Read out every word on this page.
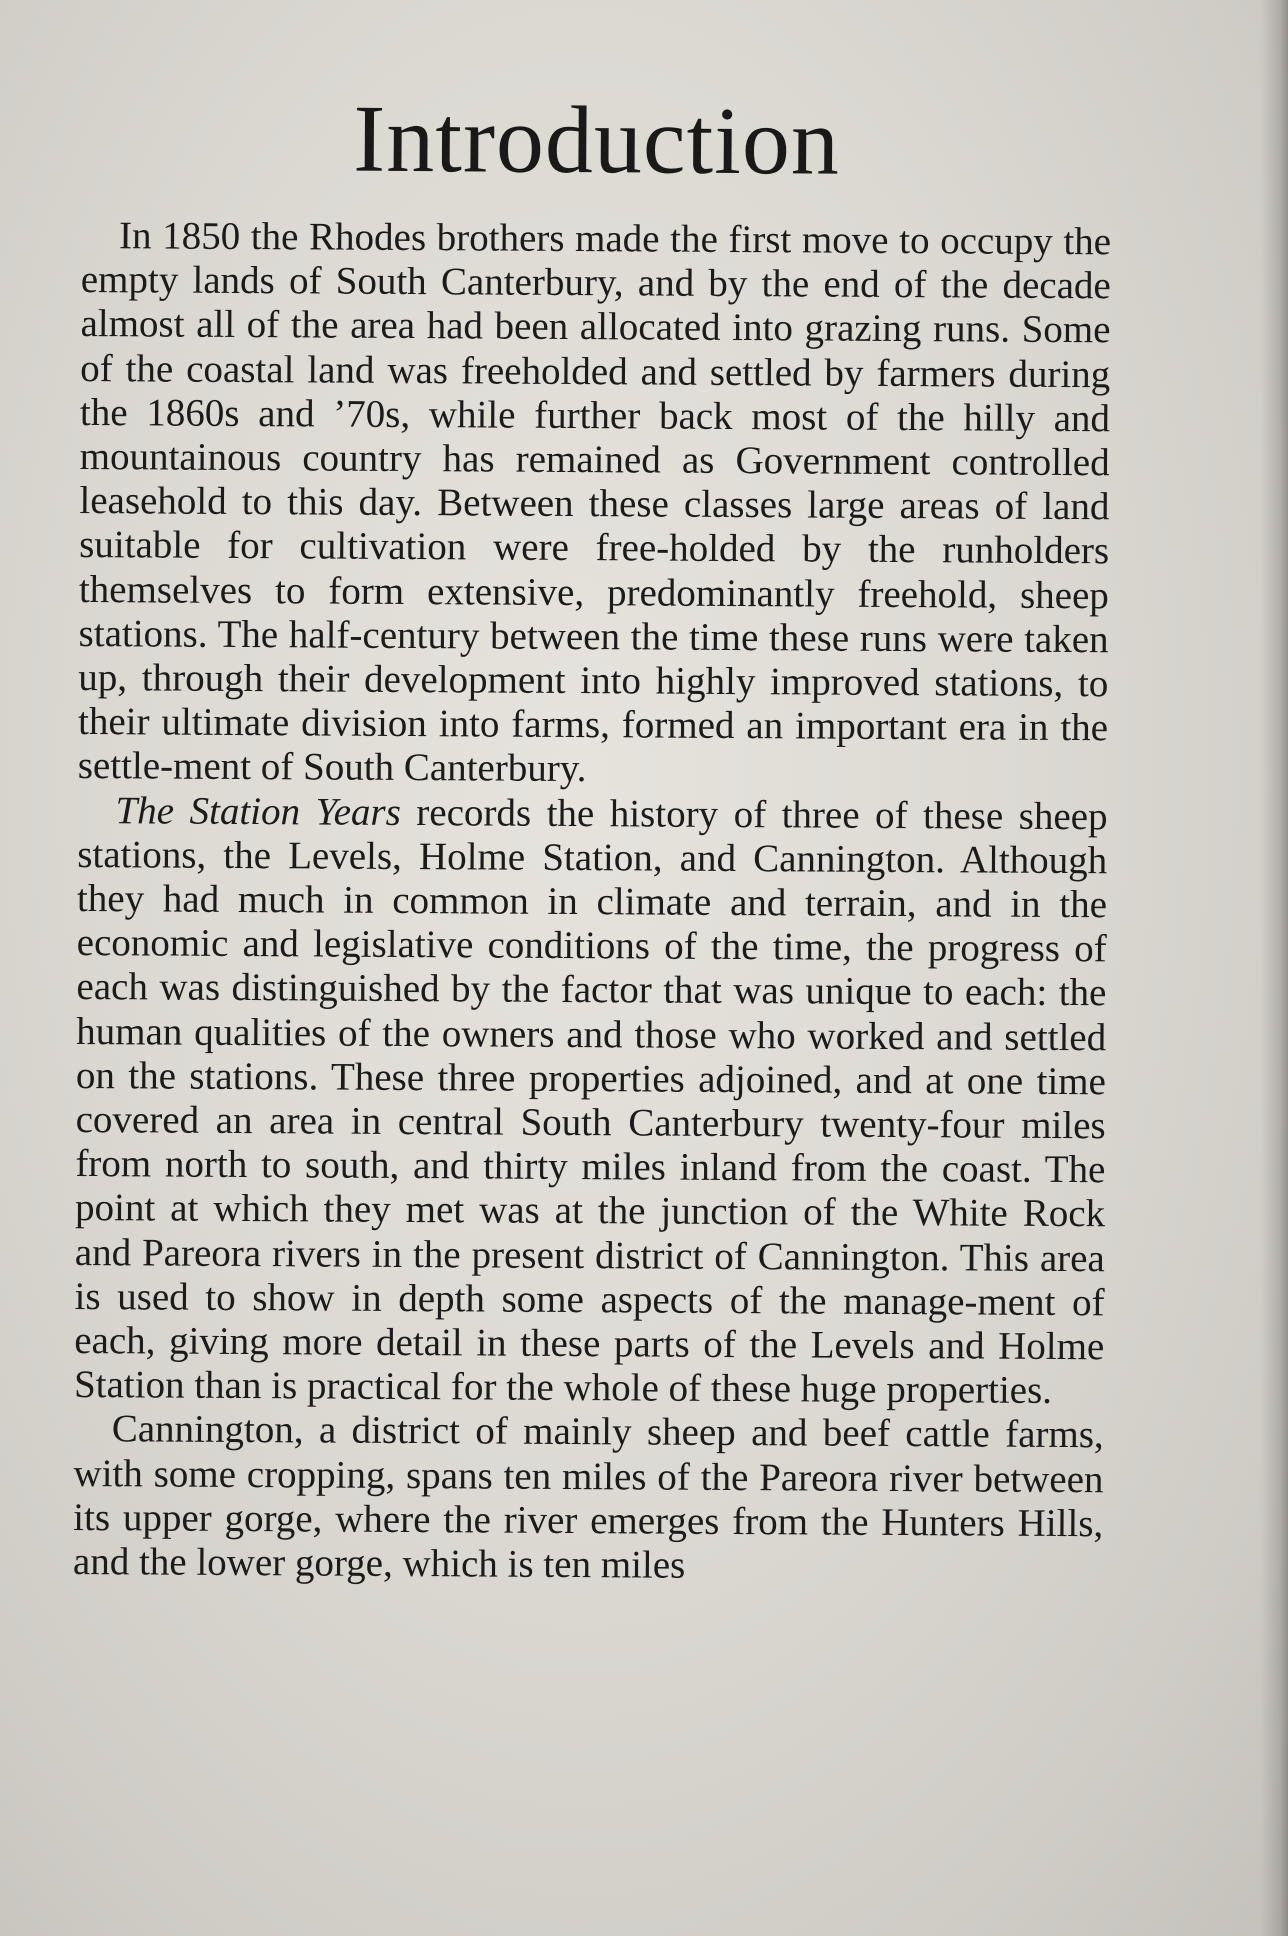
Introduction

In 1850 the Rhodes brothers made the first move to occupy the empty lands of South Canterbury, and by the end of the decade almost all of the area had been allocated into grazing runs. Some of the coastal land was freeholded and settled by farmers during the 1860s and ’70s, while further back most of the hilly and mountainous country has remained as Government controlled leasehold to this day. Between these classes large areas of land suitable for cultivation were free-holded by the runholders themselves to form extensive, predominantly freehold, sheep stations. The half-century between the time these runs were taken up, through their development into highly improved stations, to their ultimate division into farms, formed an important era in the settle-ment of South Canterbury.

The Station Years records the history of three of these sheep stations, the Levels, Holme Station, and Cannington. Although they had much in common in climate and terrain, and in the economic and legislative conditions of the time, the progress of each was distinguished by the factor that was unique to each: the human qualities of the owners and those who worked and settled on the stations. These three properties adjoined, and at one time covered an area in central South Canterbury twenty-four miles from north to south, and thirty miles inland from the coast. The point at which they met was at the junction of the White Rock and Pareora rivers in the present district of Cannington. This area is used to show in depth some aspects of the manage-ment of each, giving more detail in these parts of the Levels and Holme Station than is practical for the whole of these huge properties.

Cannington, a district of mainly sheep and beef cattle farms, with some cropping, spans ten miles of the Pareora river between its upper gorge, where the river emerges from the Hunters Hills, and the lower gorge, which is ten miles
